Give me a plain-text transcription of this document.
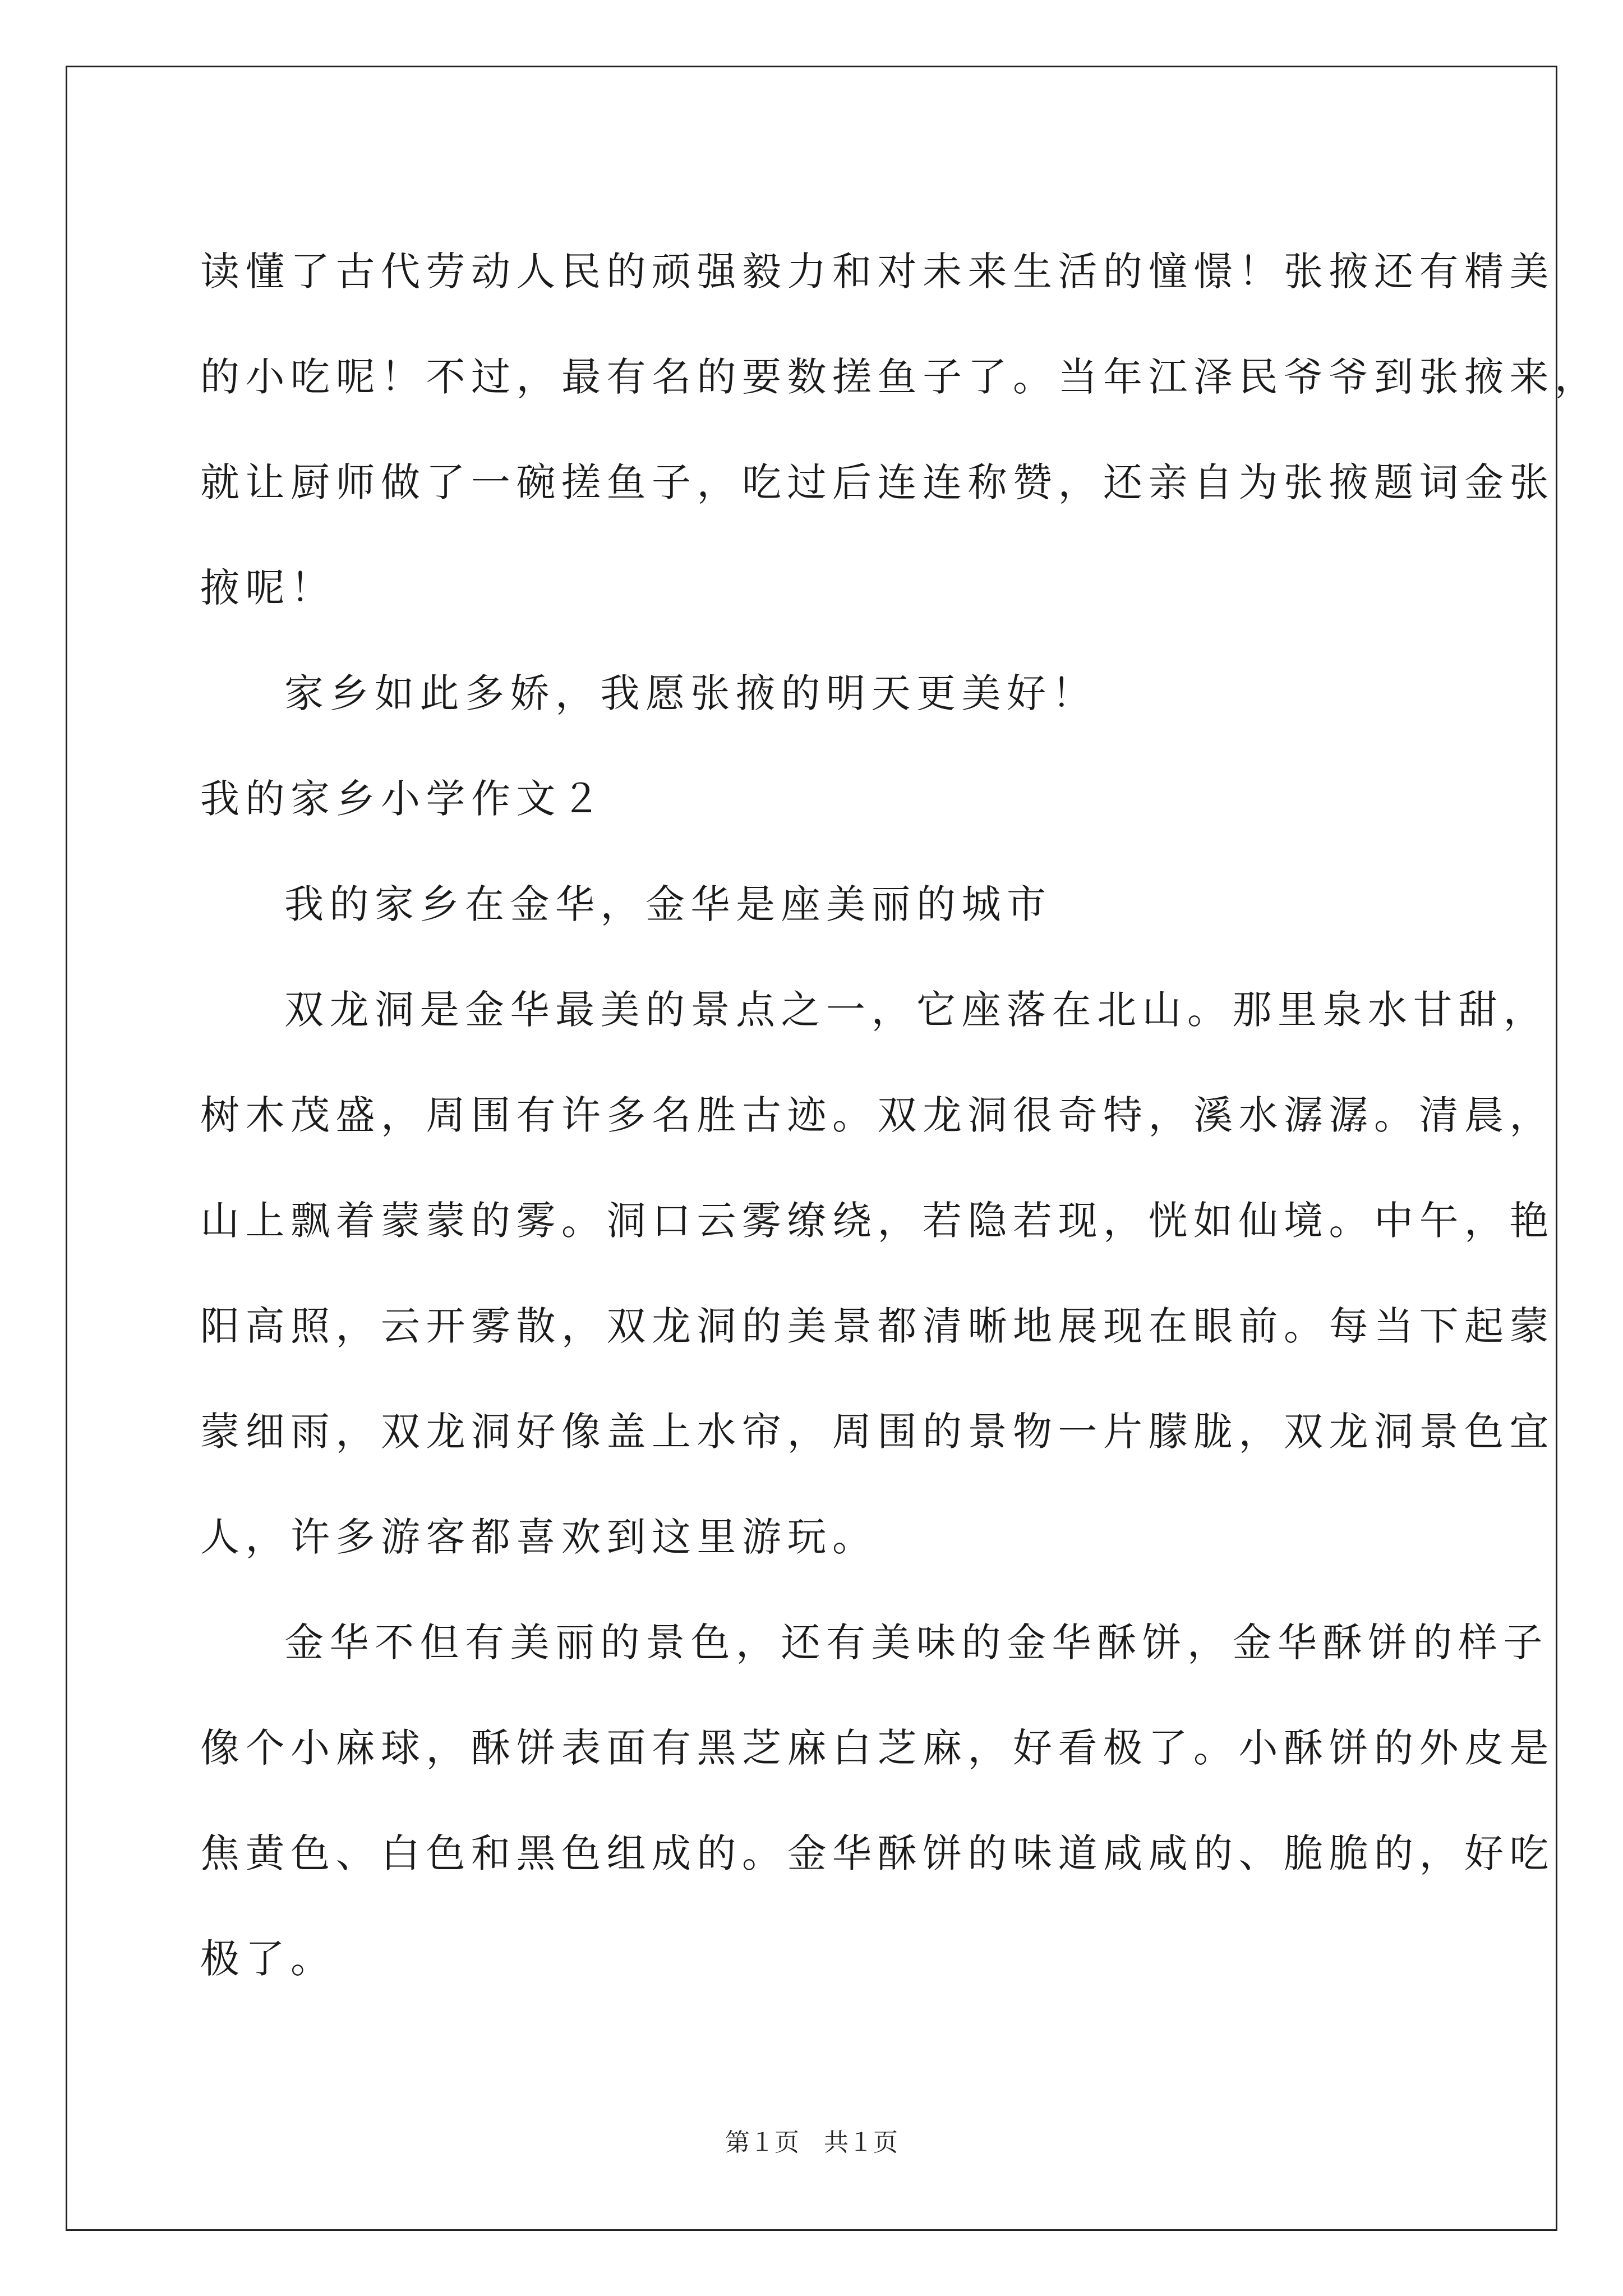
读懂了古代劳动人民的顽强毅力和对未来生活的憧憬！张掖还有精美
的小吃呢！不过，最有名的要数搓鱼子了。当年江泽民爷爷到张掖来，
就让厨师做了一碗搓鱼子，吃过后连连称赞，还亲自为张掖题词金张
掖呢！
家乡如此多娇，我愿张掖的明天更美好！
我的家乡小学作文２
我的家乡在金华，金华是座美丽的城市
双龙洞是金华最美的景点之一，它座落在北山。那里泉水甘甜，
树木茂盛，周围有许多名胜古迹。双龙洞很奇特，溪水潺潺。清晨，
山上飘着蒙蒙的雾。洞口云雾缭绕，若隐若现，恍如仙境。中午，艳
阳高照，云开雾散，双龙洞的美景都清晰地展现在眼前。每当下起蒙
蒙细雨，双龙洞好像盖上水帘，周围的景物一片朦胧，双龙洞景色宜
人，许多游客都喜欢到这里游玩。
金华不但有美丽的景色，还有美味的金华酥饼，金华酥饼的样子
像个小麻球，酥饼表面有黑芝麻白芝麻，好看极了。小酥饼的外皮是
焦黄色、白色和黑色组成的。金华酥饼的味道咸咸的、脆脆的，好吃
极了。
第１页　共１页
